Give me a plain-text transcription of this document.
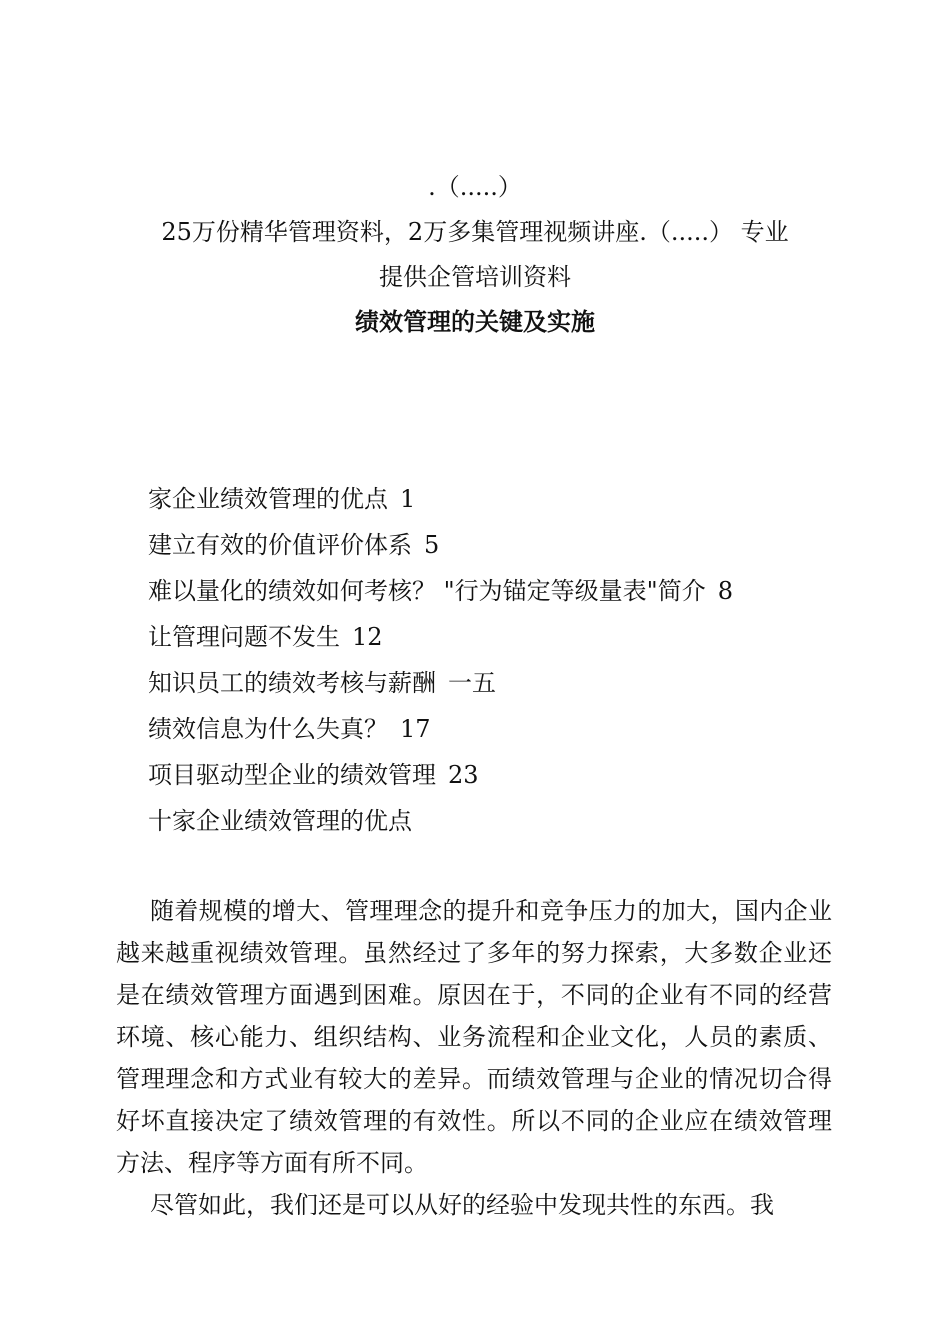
.（.....）
25万份精华管理资料，2万多集管理视频讲座.（.....） 专业
提供企管培训资料
绩效管理的关键及实施
家企业绩效管理的优点 1
建立有效的价值评价体系 5
难以量化的绩效如何考核？ "行为锚定等级量表"简介 8
让管理问题不发生 12
知识员工的绩效考核与薪酬 一五
绩效信息为什么失真？ 17
项目驱动型企业的绩效管理 23
十家企业绩效管理的优点

随着规模的增大、管理理念的提升和竞争压力的加大，国内企业越来越重视绩效管理。虽然经过了多年的努力探索，大多数企业还是在绩效管理方面遇到困难。原因在于，不同的企业有不同的经营环境、核心能力、组织结构、业务流程和企业文化，人员的素质、管理理念和方式业有较大的差异。而绩效管理与企业的情况切合得好坏直接决定了绩效管理的有效性。所以不同的企业应在绩效管理方法、程序等方面有所不同。

尽管如此，我们还是可以从好的经验中发现共性的东西。我
